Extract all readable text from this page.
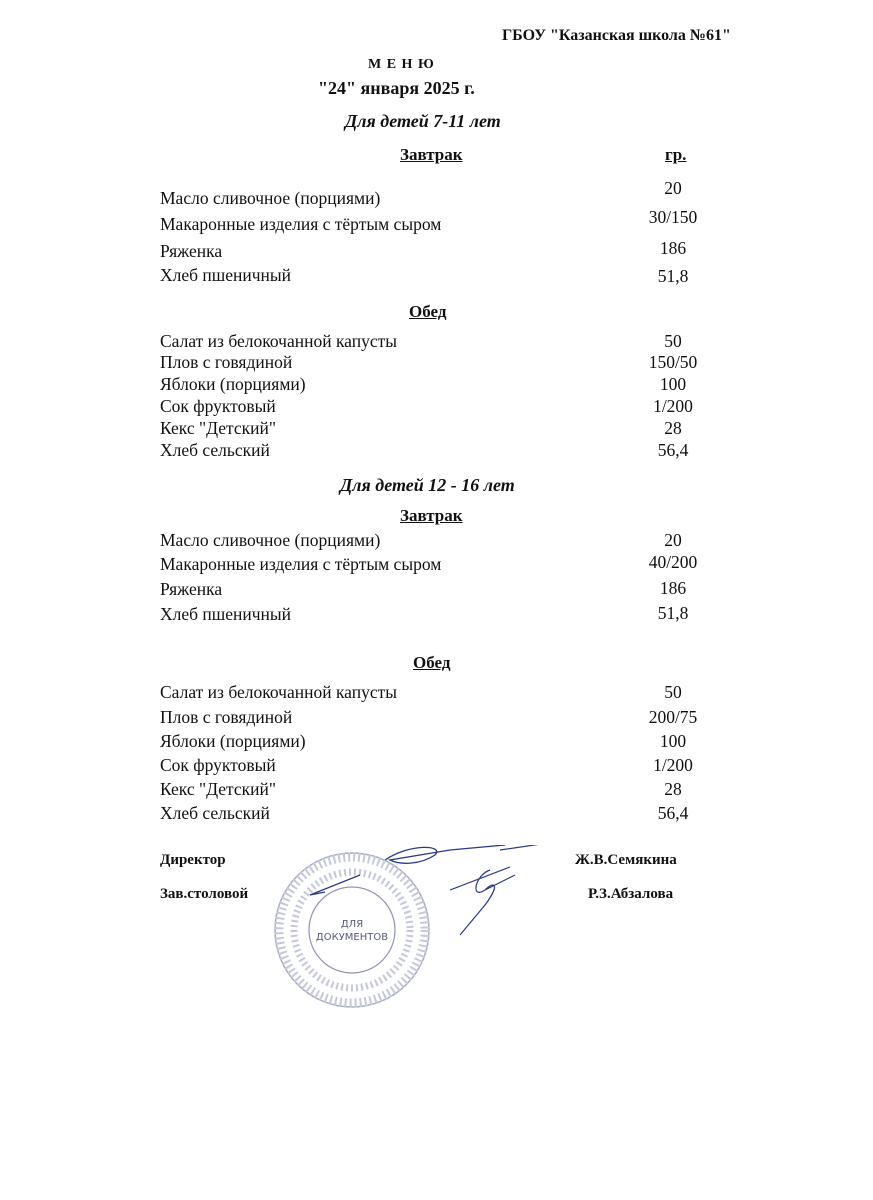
ГБОУ "Казанская школа №61"
М Е Н Ю
"24" января 2025 г.
Для детей 7-11 лет
Завтрак	гр.
Масло сливочное (порциями)	20
Макаронные изделия с тёртым сыром	30/150
Ряженка	186
Хлеб пшеничный	51,8
Обед
Салат из белокочанной капусты	50
Плов с говядиной	150/50
Яблоки (порциями)	100
Сок фруктовый	1/200
Кекс "Детский"	28
Хлеб сельский	56,4
Завтрак
Масло сливочное (порциями)	20
Макаронные изделия с тёртым сыром	40/200
Ряженка	186
Хлеб пшеничный	51,8
Обед
Салат из белокочанной капусты	50
Плов с говядиной	200/75
Яблоки (порциями)	100
Сок фруктовый	1/200
Кекс "Детский"	28
Хлеб сельский	56,4
Для детей 12 - 16 лет
Директор	Ж.В.Семякина
Зав.столовой	Р.З.Абзалова
ДЛЯ
ДОКУМЕНТОВ
